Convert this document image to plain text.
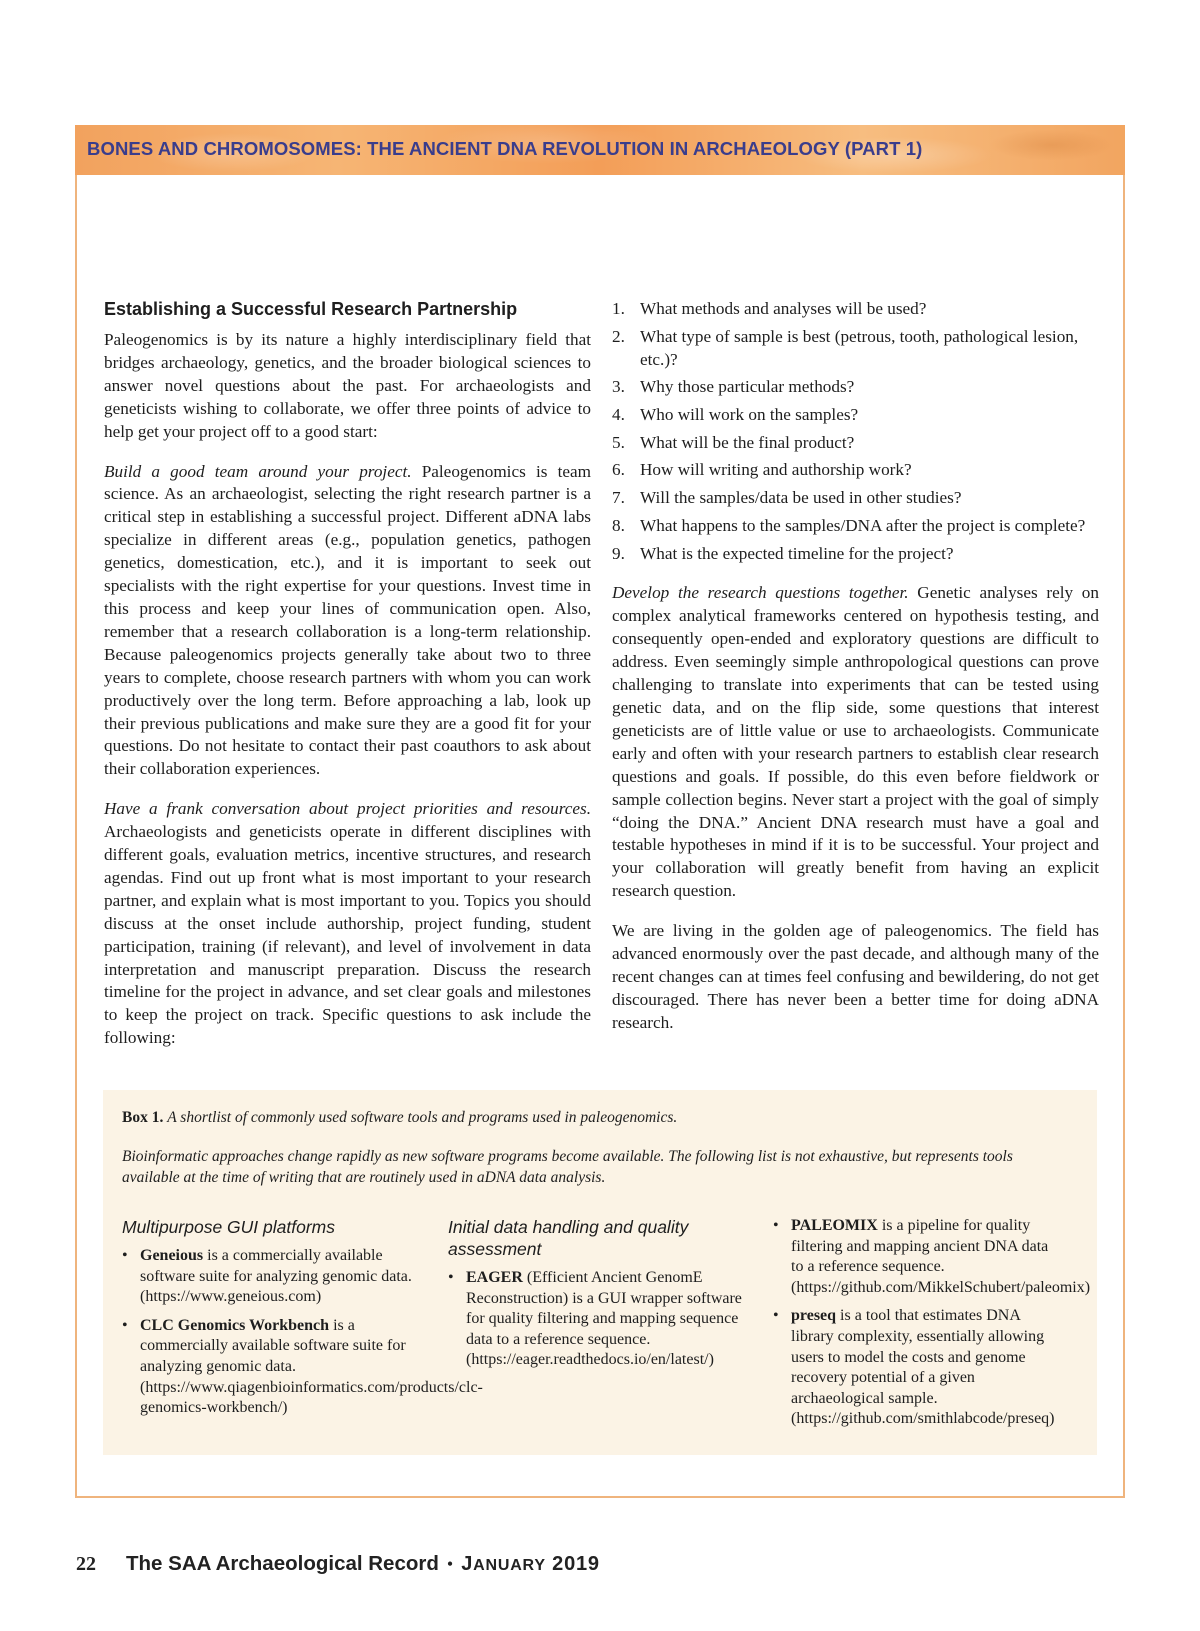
BONES AND CHROMOSOMES: THE ANCIENT DNA REVOLUTION IN ARCHAEOLOGY (PART 1)
Establishing a Successful Research Partnership

Paleogenomics is by its nature a highly interdisciplinary field that bridges archaeology, genetics, and the broader biological sciences to answer novel questions about the past. For archaeologists and geneticists wishing to collaborate, we offer three points of advice to help get your project off to a good start:

Build a good team around your project. Paleogenomics is team science. As an archaeologist, selecting the right research partner is a critical step in establishing a successful project. Different aDNA labs specialize in different areas (e.g., population genetics, pathogen genetics, domestication, etc.), and it is important to seek out specialists with the right expertise for your questions. Invest time in this process and keep your lines of communication open. Also, remember that a research collaboration is a long-term relationship. Because paleogenomics projects generally take about two to three years to complete, choose research partners with whom you can work productively over the long term. Before approaching a lab, look up their previous publications and make sure they are a good fit for your questions. Do not hesitate to contact their past coauthors to ask about their collaboration experiences.

Have a frank conversation about project priorities and resources. Archaeologists and geneticists operate in different disciplines with different goals, evaluation metrics, incentive structures, and research agendas. Find out up front what is most important to your research partner, and explain what is most important to you. Topics you should discuss at the onset include authorship, project funding, student participation, training (if relevant), and level of involvement in data interpretation and manuscript preparation. Discuss the research timeline for the project in advance, and set clear goals and milestones to keep the project on track. Specific questions to ask include the following:

1. What methods and analyses will be used?
2. What type of sample is best (petrous, tooth, pathological lesion, etc.)?
3. Why those particular methods?
4. Who will work on the samples?
5. What will be the final product?
6. How will writing and authorship work?
7. Will the samples/data be used in other studies?
8. What happens to the samples/DNA after the project is complete?
9. What is the expected timeline for the project?

Develop the research questions together. Genetic analyses rely on complex analytical frameworks centered on hypothesis testing, and consequently open-ended and exploratory questions are difficult to address. Even seemingly simple anthropological questions can prove challenging to translate into experiments that can be tested using genetic data, and on the flip side, some questions that interest geneticists are of little value or use to archaeologists. Communicate early and often with your research partners to establish clear research questions and goals. If possible, do this even before fieldwork or sample collection begins. Never start a project with the goal of simply “doing the DNA.” Ancient DNA research must have a goal and testable hypotheses in mind if it is to be successful. Your project and your collaboration will greatly benefit from having an explicit research question.

We are living in the golden age of paleogenomics. The field has advanced enormously over the past decade, and although many of the recent changes can at times feel confusing and bewildering, do not get discouraged. There has never been a better time for doing aDNA research.

Box 1. A shortlist of commonly used software tools and programs used in paleogenomics.

Bioinformatic approaches change rapidly as new software programs become available. The following list is not exhaustive, but represents tools available at the time of writing that are routinely used in aDNA data analysis.

Multipurpose GUI platforms
• Geneious is a commercially available software suite for analyzing genomic data. (https://www.geneious.com)
• CLC Genomics Workbench is a commercially available software suite for analyzing genomic data. (https://www.qiagenbioinformatics.com/products/clc-genomics-workbench/)
Initial data handling and quality assessment
• EAGER (Efficient Ancient GenomE Reconstruction) is a GUI wrapper software for quality filtering and mapping sequence data to a reference sequence. (https://eager.readthedocs.io/en/latest/)
• PALEOMIX is a pipeline for quality filtering and mapping ancient DNA data to a reference sequence. (https://github.com/MikkelSchubert/paleomix)
• preseq is a tool that estimates DNA library complexity, essentially allowing users to model the costs and genome recovery potential of a given archaeological sample. (https://github.com/smithlabcode/preseq)

22 The SAA Archaeological Record • JANUARY 2019
